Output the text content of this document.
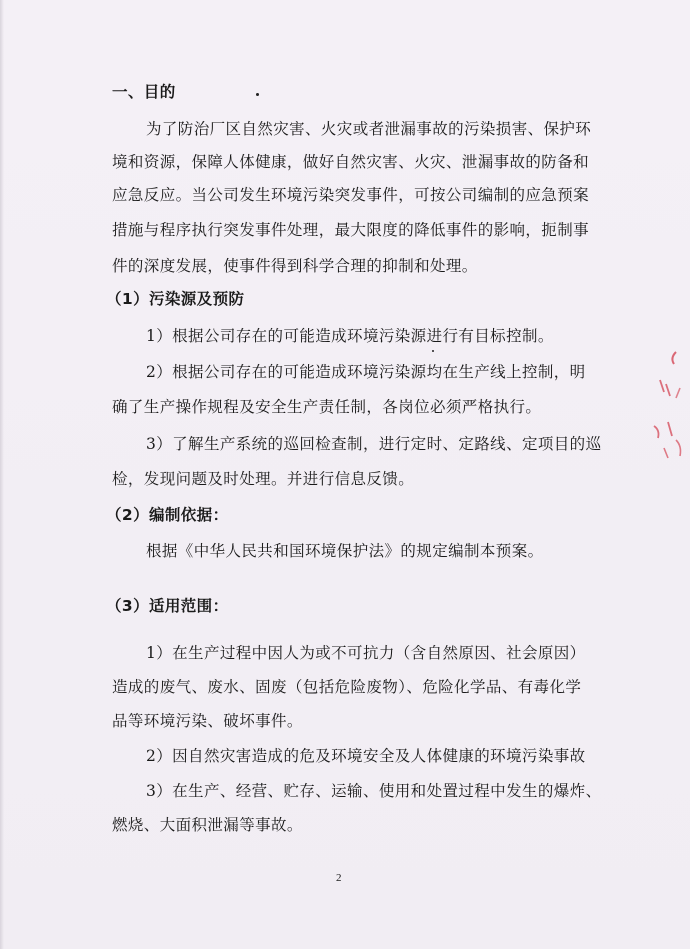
一、目的
为了防治厂区自然灾害、火灾或者泄漏事故的污染损害、保护环
境和资源，保障人体健康，做好自然灾害、火灾、泄漏事故的防备和
应急反应。当公司发生环境污染突发事件，可按公司编制的应急预案
措施与程序执行突发事件处理，最大限度的降低事件的影响，扼制事
件的深度发展，使事件得到科学合理的抑制和处理。
（1）污染源及预防
1）根据公司存在的可能造成环境污染源进行有目标控制。
2）根据公司存在的可能造成环境污染源均在生产线上控制，明
确了生产操作规程及安全生产责任制，各岗位必须严格执行。
3）了解生产系统的巡回检查制，进行定时、定路线、定项目的巡
检，发现问题及时处理。并进行信息反馈。
（2）编制依据：
根据《中华人民共和国环境保护法》的规定编制本预案。
（3）适用范围：
1）在生产过程中因人为或不可抗力（含自然原因、社会原因）
造成的废气、废水、固废（包括危险废物）、危险化学品、有毒化学
品等环境污染、破坏事件。
2）因自然灾害造成的危及环境安全及人体健康的环境污染事故
3）在生产、经营、贮存、运输、使用和处置过程中发生的爆炸、
燃烧、大面积泄漏等事故。
2
